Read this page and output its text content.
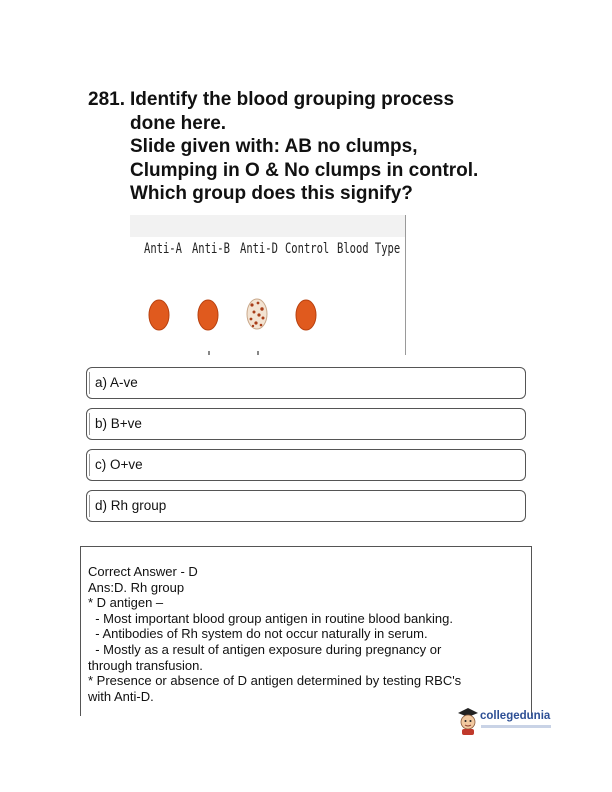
281. Identify the blood grouping process
done here.
Slide given with: AB no clumps,
Clumping in O & No clumps in control.
Which group does this signify?
Anti-A Anti-B Anti-D Control Blood Type
a) A-ve
b) B+ve
c) O+ve
d) Rh group
Correct Answer - D
Ans:D. Rh group
* D antigen –
- Most important blood group antigen in routine blood banking.
- Antibodies of Rh system do not occur naturally in serum.
- Mostly as a result of antigen exposure during pregnancy or
through transfusion.
* Presence or absence of D antigen determined by testing RBC's
with Anti-D.
collegedunia
